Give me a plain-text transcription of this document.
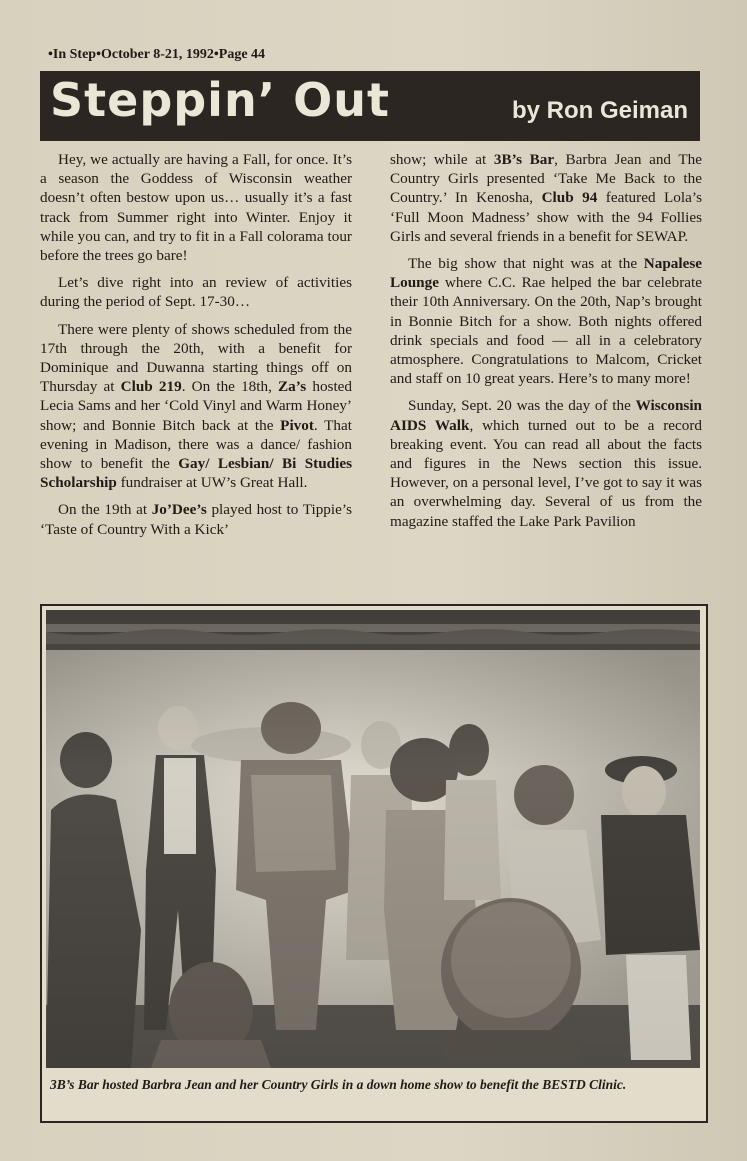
•In Step•October 8-21, 1992•Page 44
Steppin’ Out	by Ron Geiman

Hey, we actually are having a Fall, for once. It’s a season the Goddess of Wisconsin weather doesn’t often bestow upon us… usually it’s a fast track from Summer right into Winter. Enjoy it while you can, and try to fit in a Fall colorama tour before the trees go bare!

Let’s dive right into an review of activities during the period of Sept. 17-30…

There were plenty of shows scheduled from the 17th through the 20th, with a benefit for Dominique and Duwanna starting things off on Thursday at Club 219. On the 18th, Za’s hosted Lecia Sams and her ‘Cold Vinyl and Warm Honey’ show; and Bonnie Bitch back at the Pivot. That evening in Madison, there was a dance/ fashion show to benefit the Gay/ Lesbian/ Bi Studies Scholarship fundraiser at UW’s Great Hall.

On the 19th at Jo’Dee’s played host to Tippie’s ‘Taste of Country With a Kick’

show; while at 3B’s Bar, Barbra Jean and The Country Girls presented ‘Take Me Back to the Country.’ In Kenosha, Club 94 featured Lola’s ‘Full Moon Madness’ show with the 94 Follies Girls and several friends in a benefit for SEWAP.

The big show that night was at the Napalese Lounge where C.C. Rae helped the bar celebrate their 10th Anniversary. On the 20th, Nap’s brought in Bonnie Bitch for a show. Both nights offered drink specials and food — all in a celebratory atmosphere. Congratulations to Malcom, Cricket and staff on 10 great years. Here’s to many more!

Sunday, Sept. 20 was the day of the Wisconsin AIDS Walk, which turned out to be a record breaking event. You can read all about the facts and figures in the News section this issue. However, on a personal level, I’ve got to say it was an overwhelming day. Several of us from the magazine staffed the Lake Park Pavilion

3B’s Bar hosted Barbra Jean and her Country Girls in a down home show to benefit the BESTD Clinic.
